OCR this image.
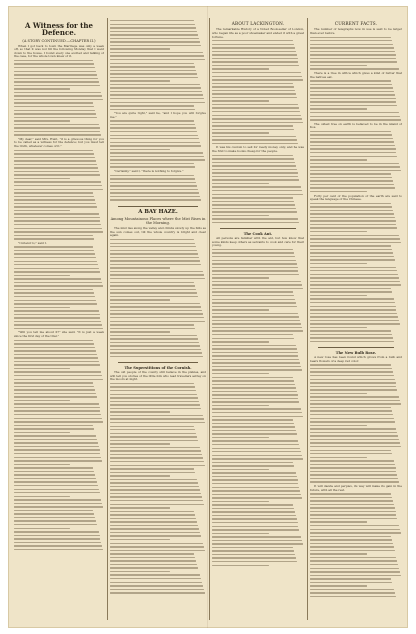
A Witness for the Defence.
(A STORY CONTINUED.—CHAPTER II.)
When I got back to town the Marriage was only a week off, so that it was not till the following Monday that I went down to the house. I found every one excited and talking of the case, for the whole town knew of it.
"My dear," said Mrs. Hunt, "it is a grievous thing for you to be called as a witness for the defence; but you must tell the truth, whatever comes of it."
"I intend to," said I.
"Will you tell me about it?" she said. "It is just a week since the first day of the trial."
"You are quite right," said he, "and I hope you will forgive me."
"Certainly," said I, "there is nothing to forgive."
A BAY HAZE.
Among Mountainous Places where the Mist Rises in the Morning.
The mist lies along the valley and climbs slowly up the hills as the sun comes out, till the whole country is bright and clear again.
The Superstitions of the Cornish.
The old people of the county still believe in the piskies, and will tell you stories of the little folk who lead travellers astray on the moors at night.
ABOUT LACKINGTON.
The remarkable History of a Noted Book-seller of London, who began life as a poor shoemaker and ended it with a great fortune.
It was his custom to sell for ready money only, and he was the first to make books cheap for the people.
The Cook Ant.
All persons are familiar with the ant, but few know that some kinds keep others as servants to cook and care for their young.
CURRENT FACTS.
The number of telegraphs now in use is said to be larger than ever before.
There is a tree in Africa which gives a kind of butter that the natives eat.
The oldest tree on earth is believed to be in the island of Kos.
Forty per cent of the population of the earth are said to speak the language of the Chinese.
The New Bulb Rose.
A new rose has been found which grows from a bulb and bears flowers of a deep red color.
It will dazzle and perplex, its way will make its gain in the future, with all the rest.
